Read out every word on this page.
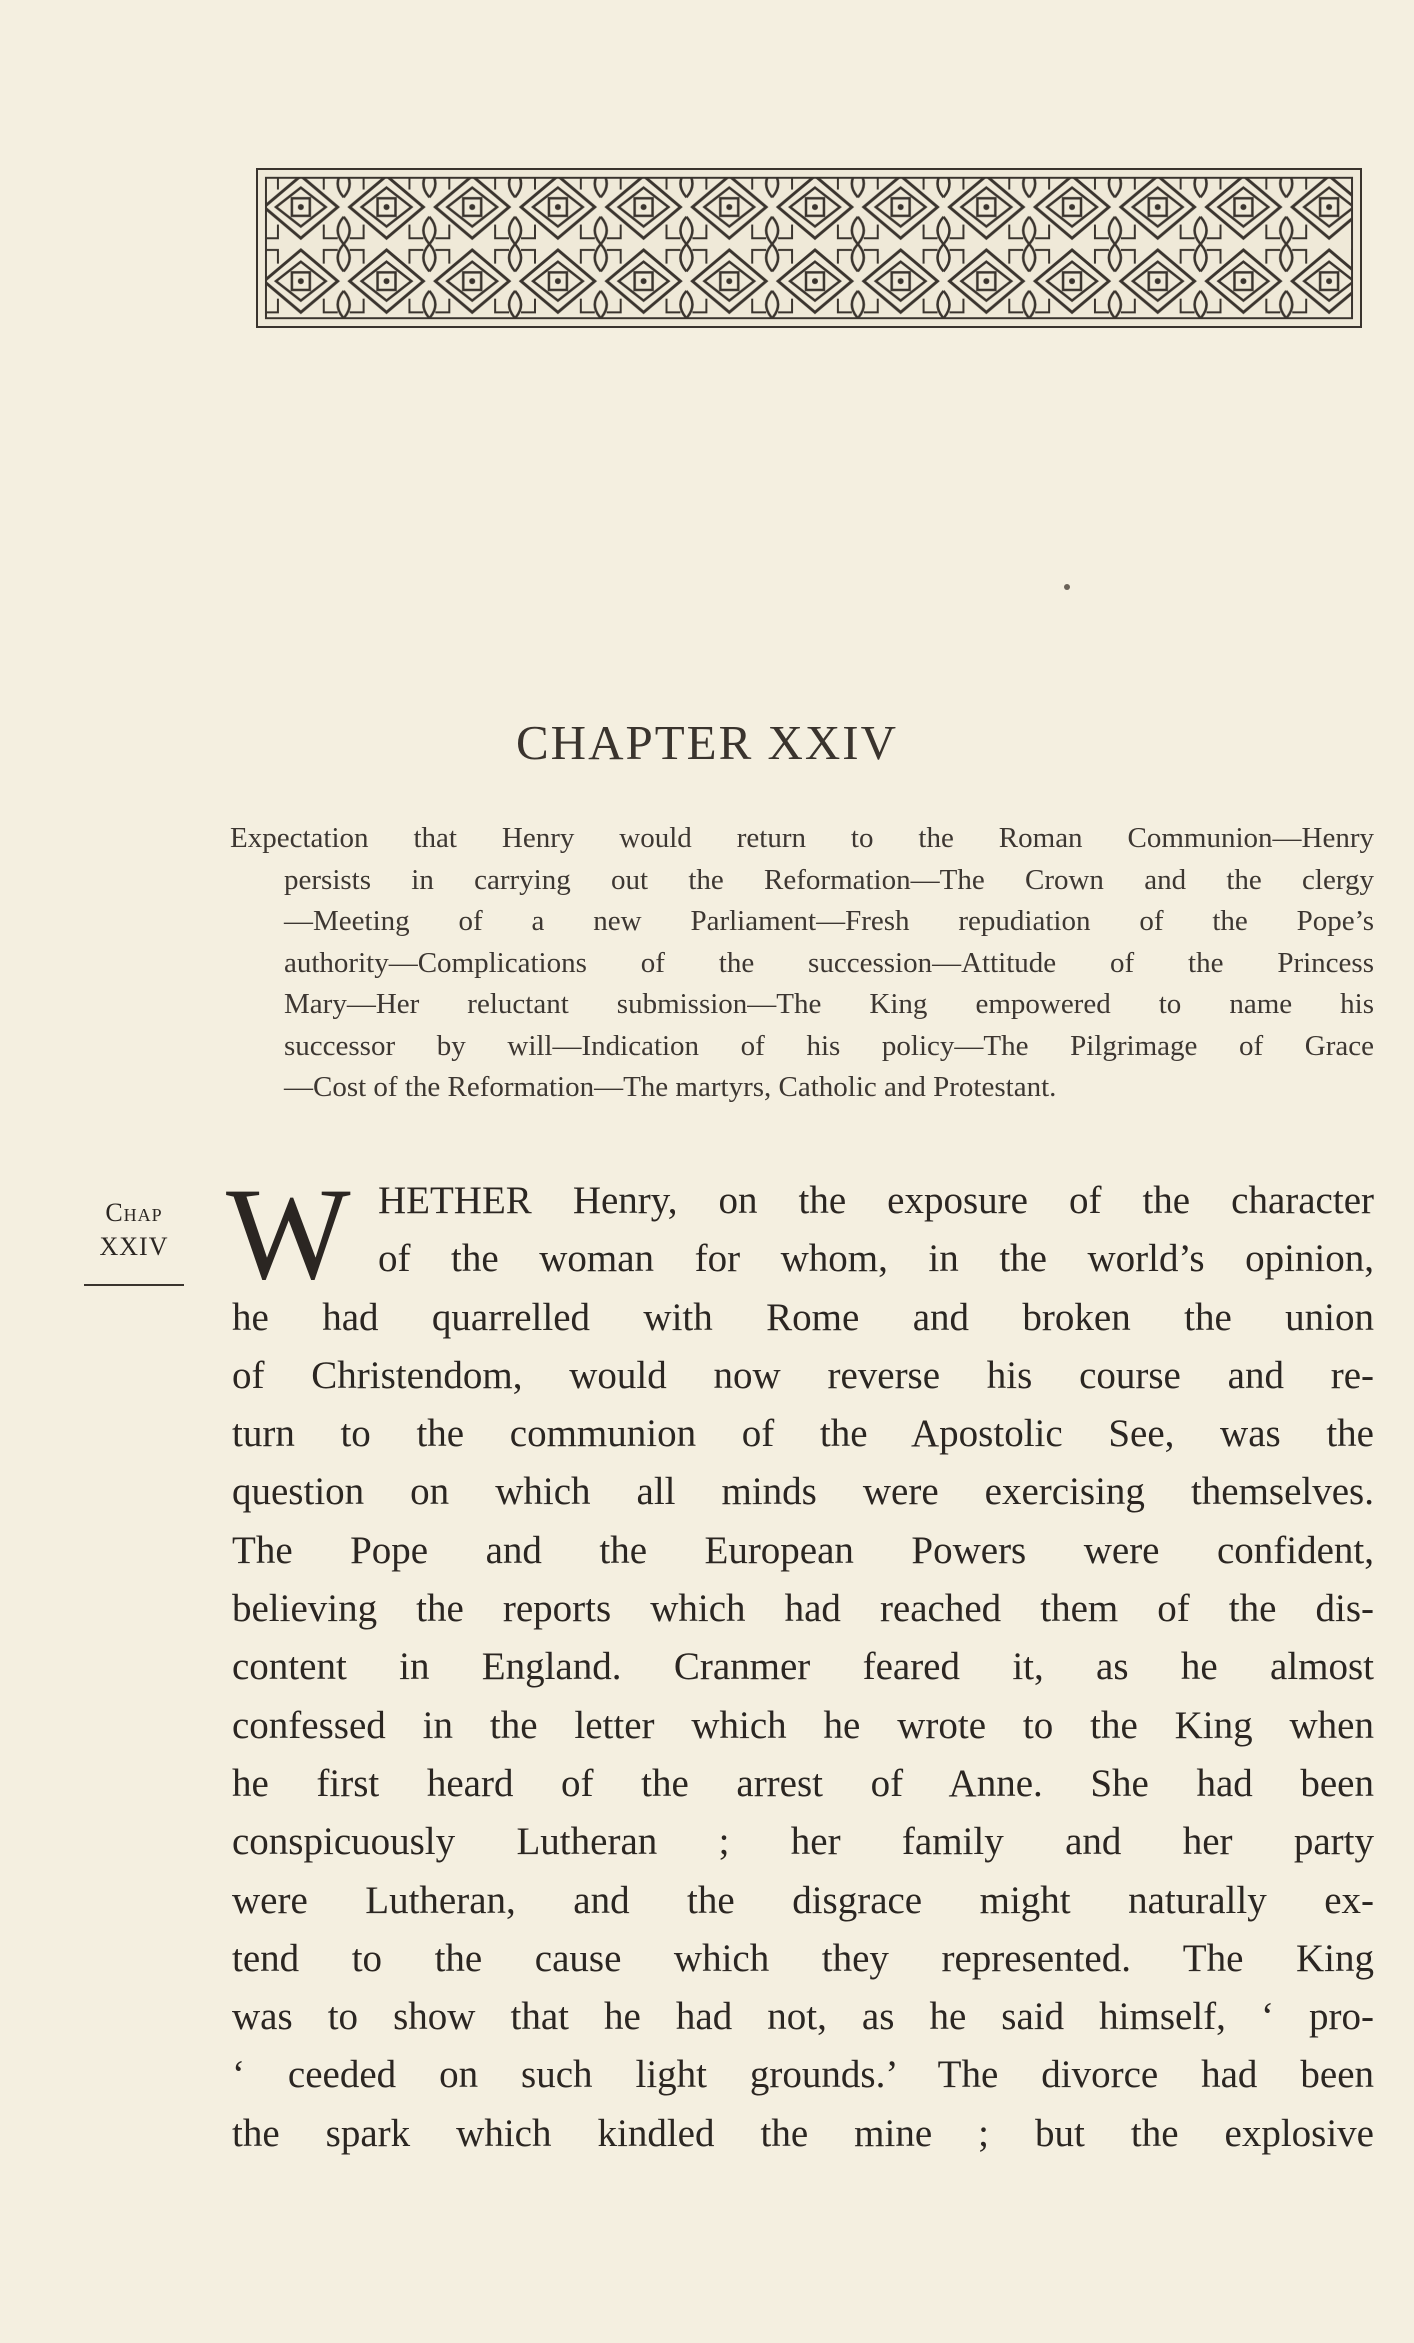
CHAPTER XXIV
Expectation that Henry would return to the Roman Communion—Henry
persists in carrying out the Reformation—The Crown and the clergy
—Meeting of a new Parliament—Fresh repudiation of the Pope’s
authority—Complications of the succession—Attitude of the Princess
Mary—Her reluctant submission—The King empowered to name his
successor by will—Indication of his policy—The Pilgrimage of Grace
—Cost of the Reformation—The martyrs, Catholic and Protestant.
Chap
XXIV W HETHER Henry, on the exposure of the character
of the woman for whom, in the world’s opinion,
he had quarrelled with Rome and broken the union
of Christendom, would now reverse his course and re-
turn to the communion of the Apostolic See, was the
question on which all minds were exercising themselves.
The Pope and the European Powers were confident,
believing the reports which had reached them of the dis-
content in England. Cranmer feared it, as he almost
confessed in the letter which he wrote to the King when
he first heard of the arrest of Anne. She had been
conspicuously Lutheran ; her family and her party
were Lutheran, and the disgrace might naturally ex-
tend to the cause which they represented. The King
was to show that he had not, as he said himself, ‘ pro-
‘ ceeded on such light grounds.’ The divorce had been
the spark which kindled the mine ; but the explosive
